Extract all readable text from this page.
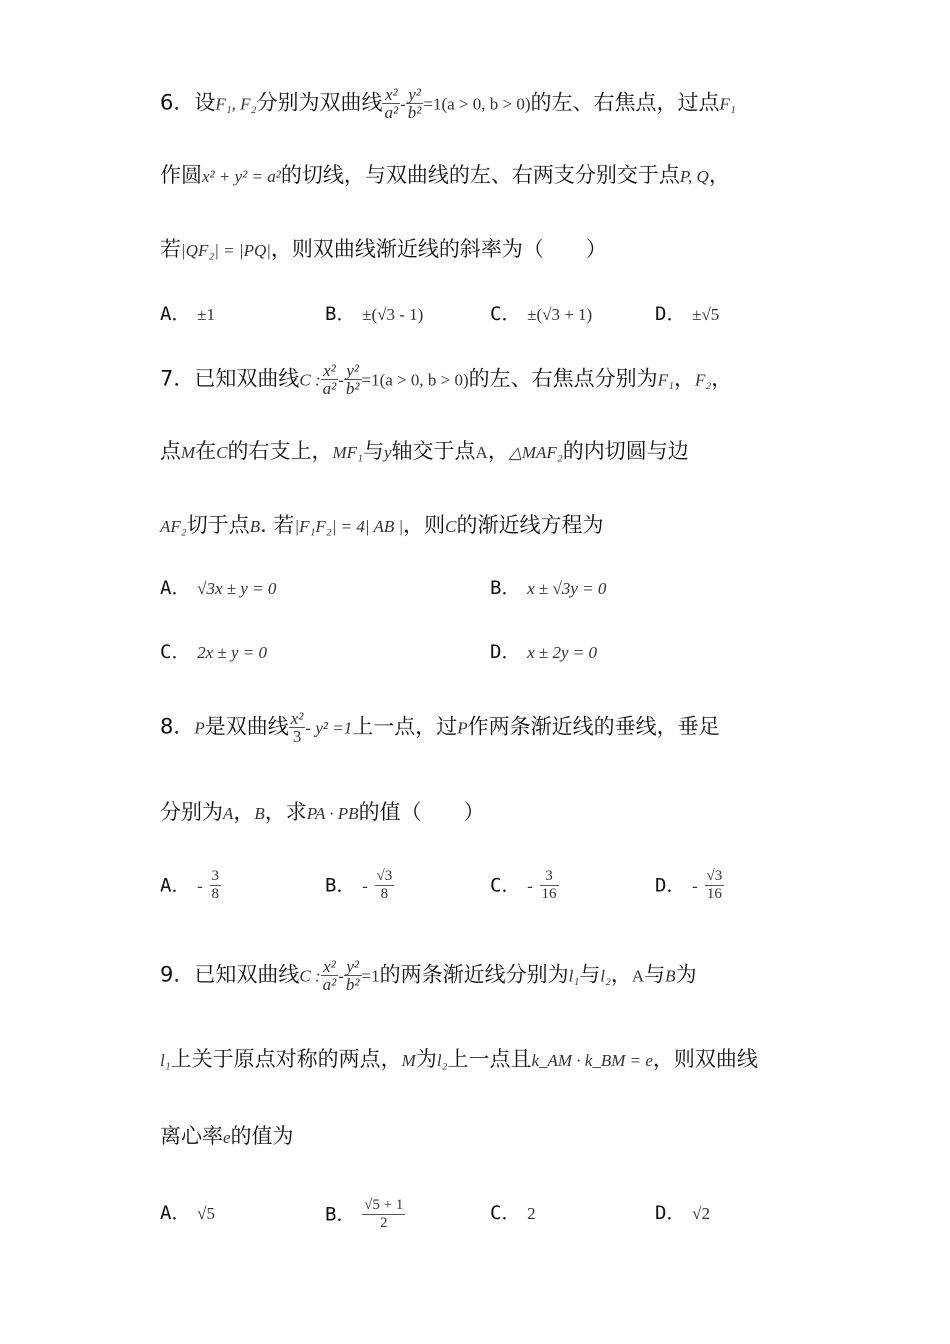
6．设F₁, F₂分别为双曲线 $\frac{\text{x²}}{\text{a²}} - \frac{\text{y²}}{\text{b²}} =1(a > 0$, b > 0)的左、右焦点，过点F₁
作圆x² + y² = a²的切线，与双曲线的左、右两支分别交于点P, Q，
若|QF₂| = |PQ|，则双曲线渐近线的斜率为（　　）
A． ±1	B． ±(√3 - 1)	C． ±(√3 + 1)	D． ±√5
7．已知双曲线C : $\frac{\text{x²}}{\text{a²}} - \frac{\text{y²}}{\text{b²}} =1(a > 0$, b > 0)的左、右焦点分别为F₁，F₂，
点M在C的右支上，MF₁与y轴交于点A，△MAF₂的内切圆与边
AF₂切于点B. 若|F₁F₂| = 4| AB |，则C的渐近线方程为
A． √3x ± y = 0	B． x ± √3y = 0
C． 2x ± y = 0	D． x ± 2y = 0
8．P是双曲线 $\frac{\text{x²}}{3} - y^2 =1$上一点，过P作两条渐近线的垂线，垂足
分别为A，B，求PA · PB的值（　　）
A． - $\frac{3}{8}$	B． - $\frac{√3}{8}$	C． - $\frac{3}{16}$	D． - $\frac{√3}{16}$
9．已知双曲线C : $\frac{\text{x²}}{\text{a²}} - \frac{\text{y²}}{\text{b²}} =1$的两条渐近线分别为l₁与l₂，A与B为
l₁上关于原点对称的两点，M为l₂上一点且k_AM · k_BM = e，则双曲线
离心率e的值为
A． √5	B． $\frac{√5 + 1}{2}$	C． 2	D． √2
